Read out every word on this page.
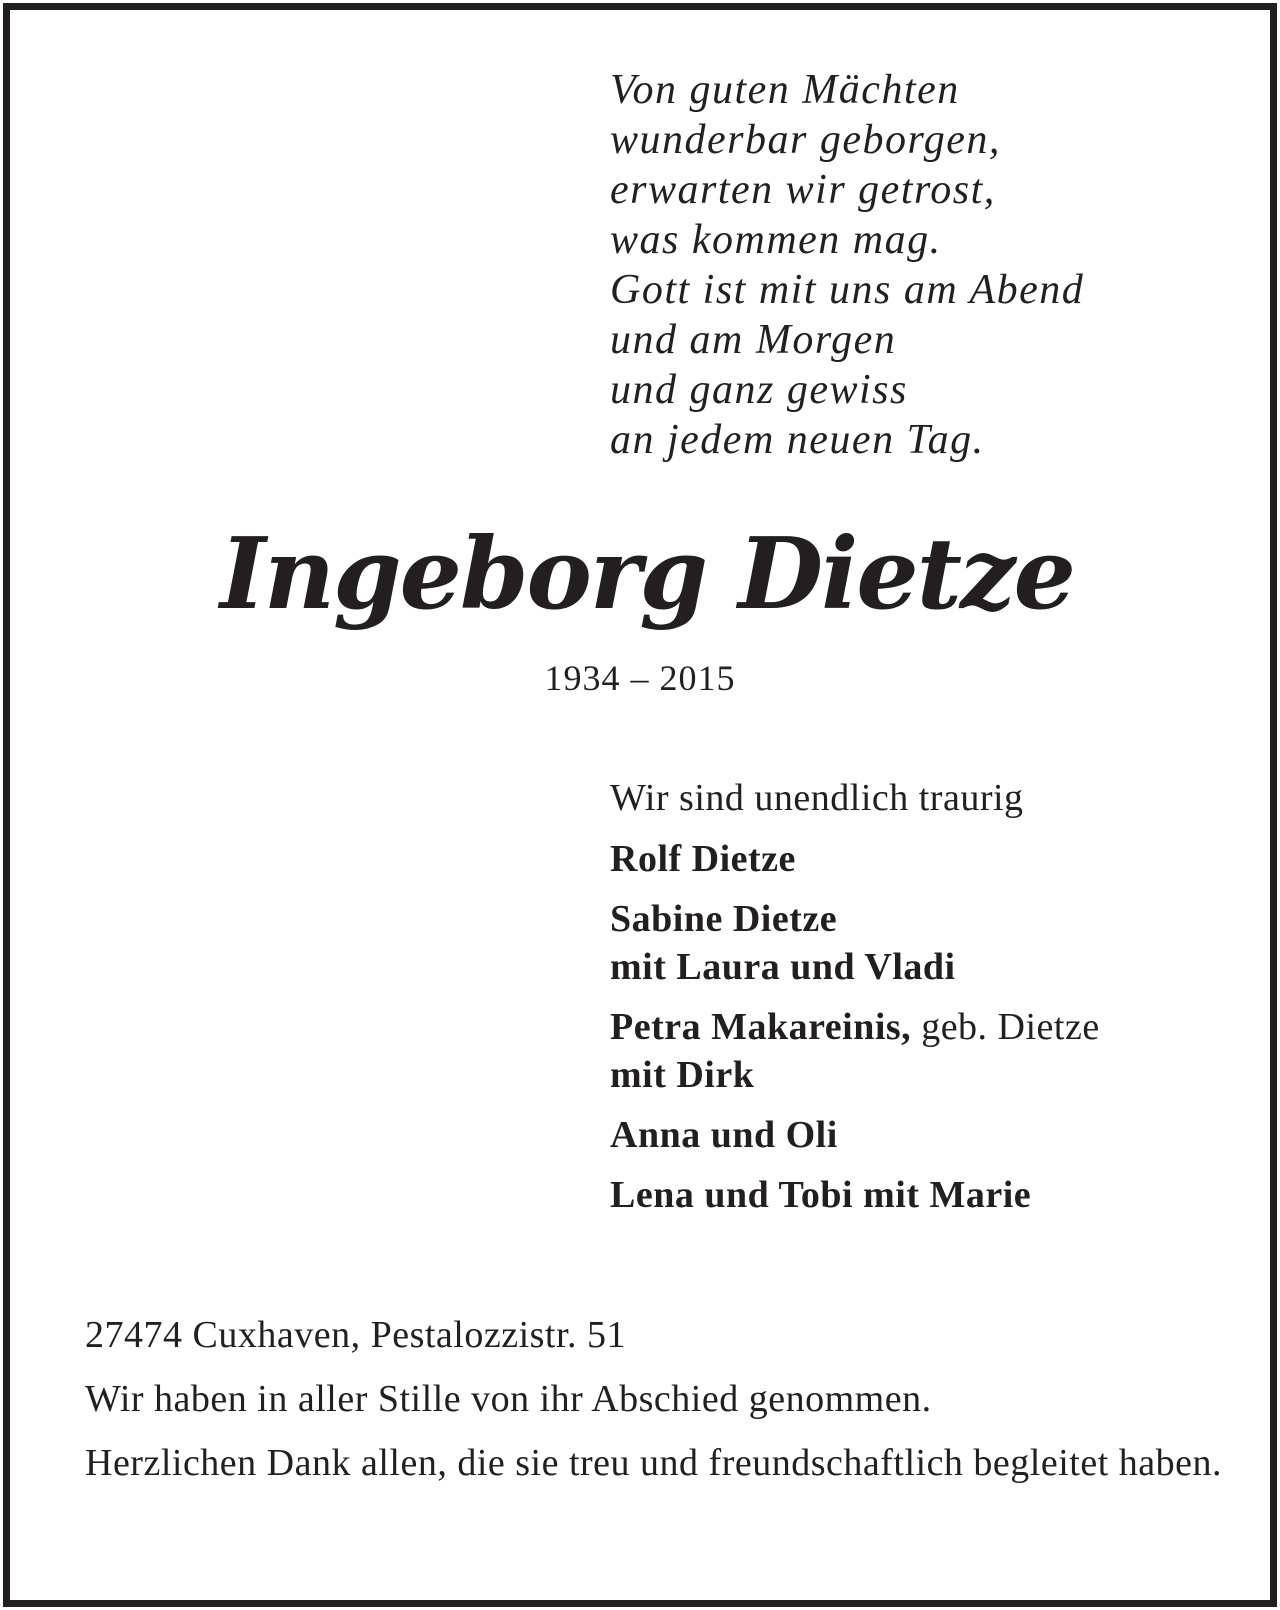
Von guten Mächten
wunderbar geborgen,
erwarten wir getrost,
was kommen mag.
Gott ist mit uns am Abend
und am Morgen
und ganz gewiss
an jedem neuen Tag.
Ingeborg Dietze
1934 – 2015
Wir sind unendlich traurig
Rolf Dietze
Sabine Dietze
mit Laura und Vladi
Petra Makareinis, geb. Dietze
mit Dirk
Anna und Oli
Lena und Tobi mit Marie

27474 Cuxhaven, Pestalozzistr. 51

Wir haben in aller Stille von ihr Abschied genommen.

Herzlichen Dank allen, die sie treu und freundschaftlich begleitet haben.
